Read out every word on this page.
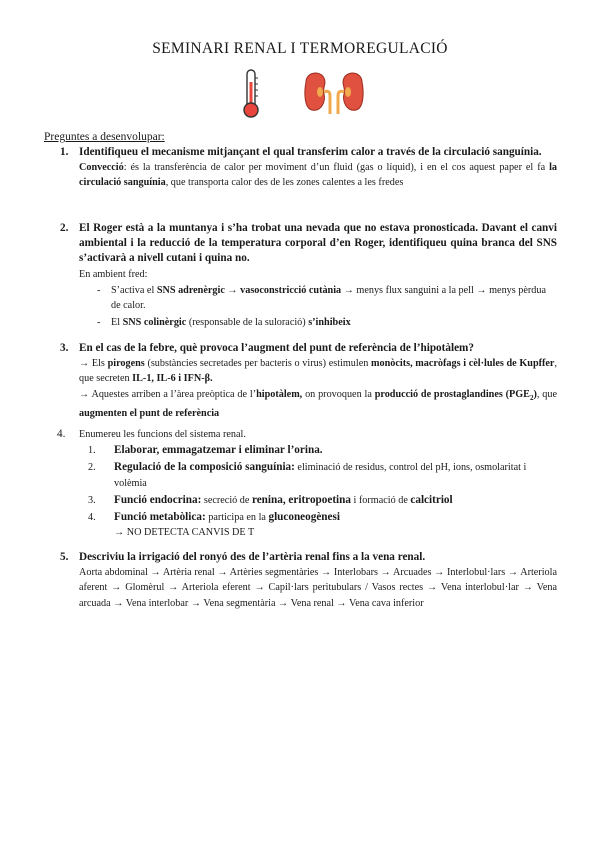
SEMINARI RENAL I TERMOREGULACIÓ
Preguntes a desenvolupar:
1. Identifiqueu el mecanisme mitjançant el qual transferim calor a través de la circulació sanguínia.
Convecció: és la transferència de calor per moviment d’un fluid (gas o líquid), i en el cos aquest paper el fa la circulació sanguínia, que transporta calor des de les zones calentes a les fredes
2. El Roger està a la muntanya i s’ha trobat una nevada que no estava pronosticada. Davant el canvi ambiental i la reducció de la temperatura corporal d’en Roger, identifiqueu quina branca del SNS s’activarà a nivell cutani i quina no.
En ambient fred:
- S’activa el SNS adrenèrgic → vasoconstricció cutània → menys flux sanguini a la pell → menys pèrdua de calor.
- El SNS colinèrgic (responsable de la suloració) s’inhibeix
3. En el cas de la febre, què provoca l’augment del punt de referència de l’hipotàlem?
→ Els pirogens (substàncies secretades per bacteris o virus) estimulen monòcits, macròfags i cèl·lules de Kupffer, que secreten IL-1, IL-6 i IFN-β.
→ Aquestes arriben a l’àrea preòptica de l’hipotàlem, on provoquen la producció de prostaglandines $(PGE_2)$, que augmenten el punt de referència
4. Enumereu les funcions del sistema renal.
1. Elaborar, emmagatzemar i eliminar l’orina.
2. Regulació de la composició sanguínia: eliminació de residus, control del pH, ions, osmolaritat i volèmia
3. Funció endocrina: secreció de renina, eritropoetina i formació de calcitriol
4. Funció metabòlica: participa en la gluconeogènesi
→ NO DETECTA CANVIS DE T
5. Descriviu la irrigació del ronyó des de l’artèria renal fins a la vena renal.
Aorta abdominal → Artèria renal → Artèries segmentàries → Interlobars → Arcuades → Interlobul·lars → Arteriola aferent → Glomèrul → Arteriola eferent → Capil·lars peritubulars / Vasos rectes → Vena interlobul·lar → Vena arcuada → Vena interlobar → Vena segmentària → Vena renal → Vena cava inferior
